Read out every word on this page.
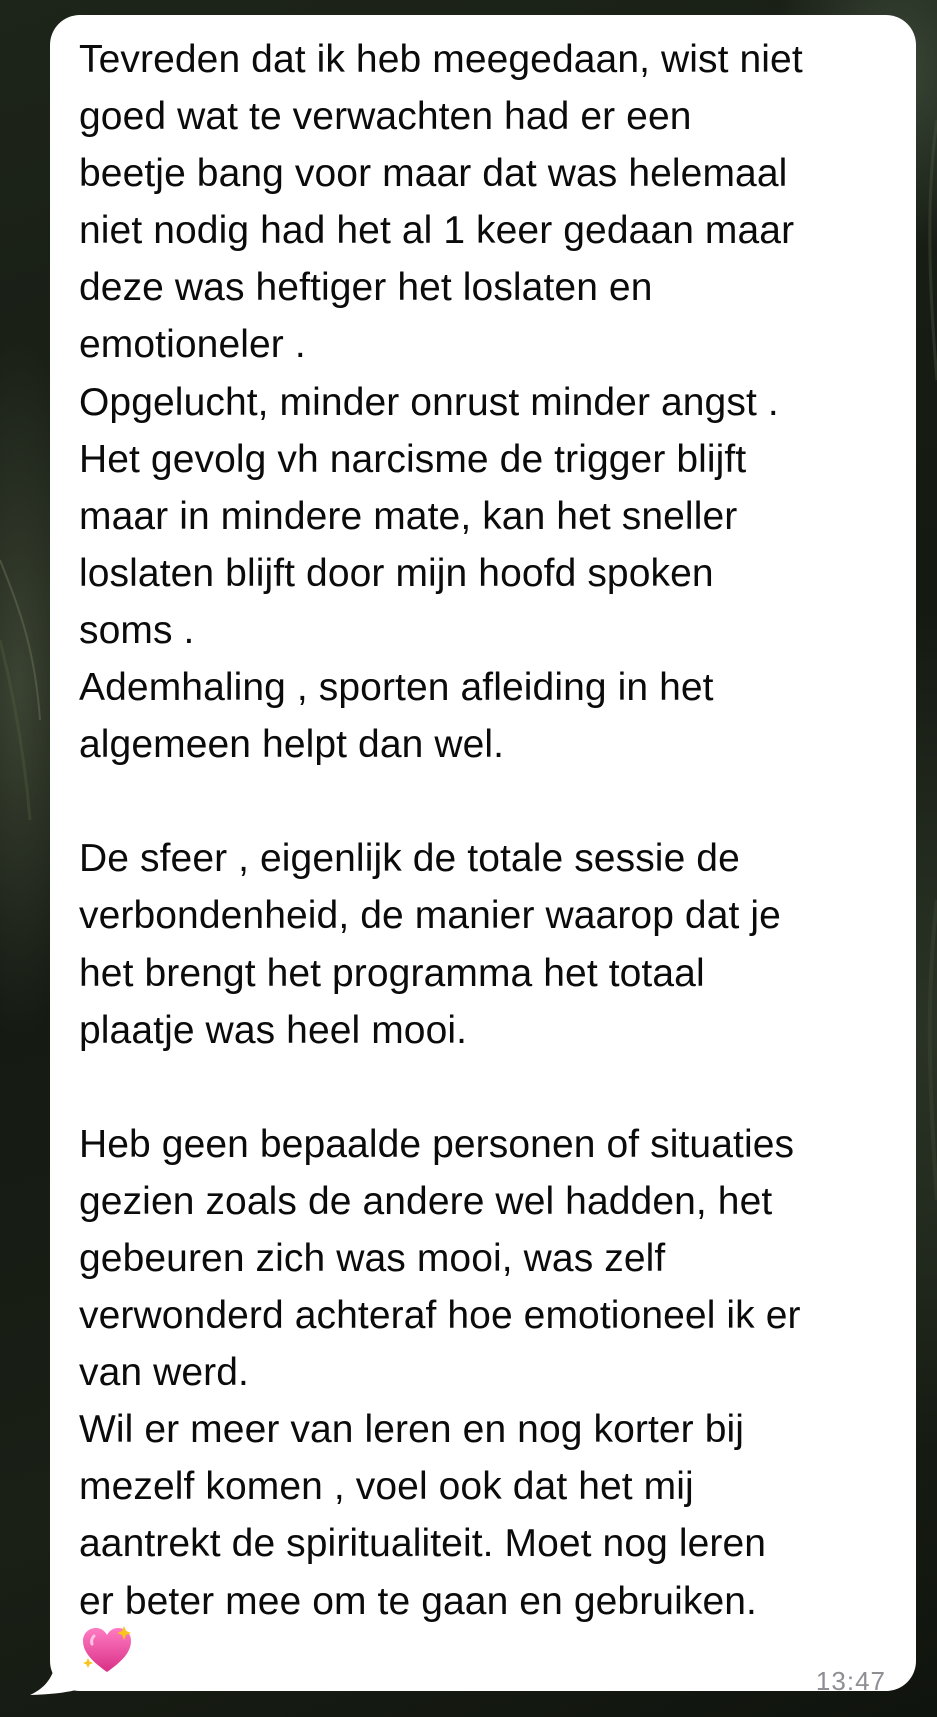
Tevreden dat ik heb meegedaan, wist niet
goed wat te verwachten had er een
beetje bang voor maar dat was helemaal
niet nodig had het al 1 keer gedaan maar
deze was heftiger het loslaten en
emotioneler .
Opgelucht, minder onrust minder angst .
Het gevolg vh narcisme de trigger blijft
maar in mindere mate, kan het sneller
loslaten blijft door mijn hoofd spoken
soms .
Ademhaling , sporten afleiding in het
algemeen helpt dan wel.

De sfeer , eigenlijk de totale sessie de
verbondenheid, de manier waarop dat je
het brengt het programma het totaal
plaatje was heel mooi.

Heb geen bepaalde personen of situaties
gezien zoals de andere wel hadden, het
gebeuren zich was mooi, was zelf
verwonderd achteraf hoe emotioneel ik er
van werd.
Wil er meer van leren en nog korter bij
mezelf komen , voel ook dat het mij
aantrekt de spiritualiteit. Moet nog leren
er beter mee om te gaan en gebruiken.

13:47
